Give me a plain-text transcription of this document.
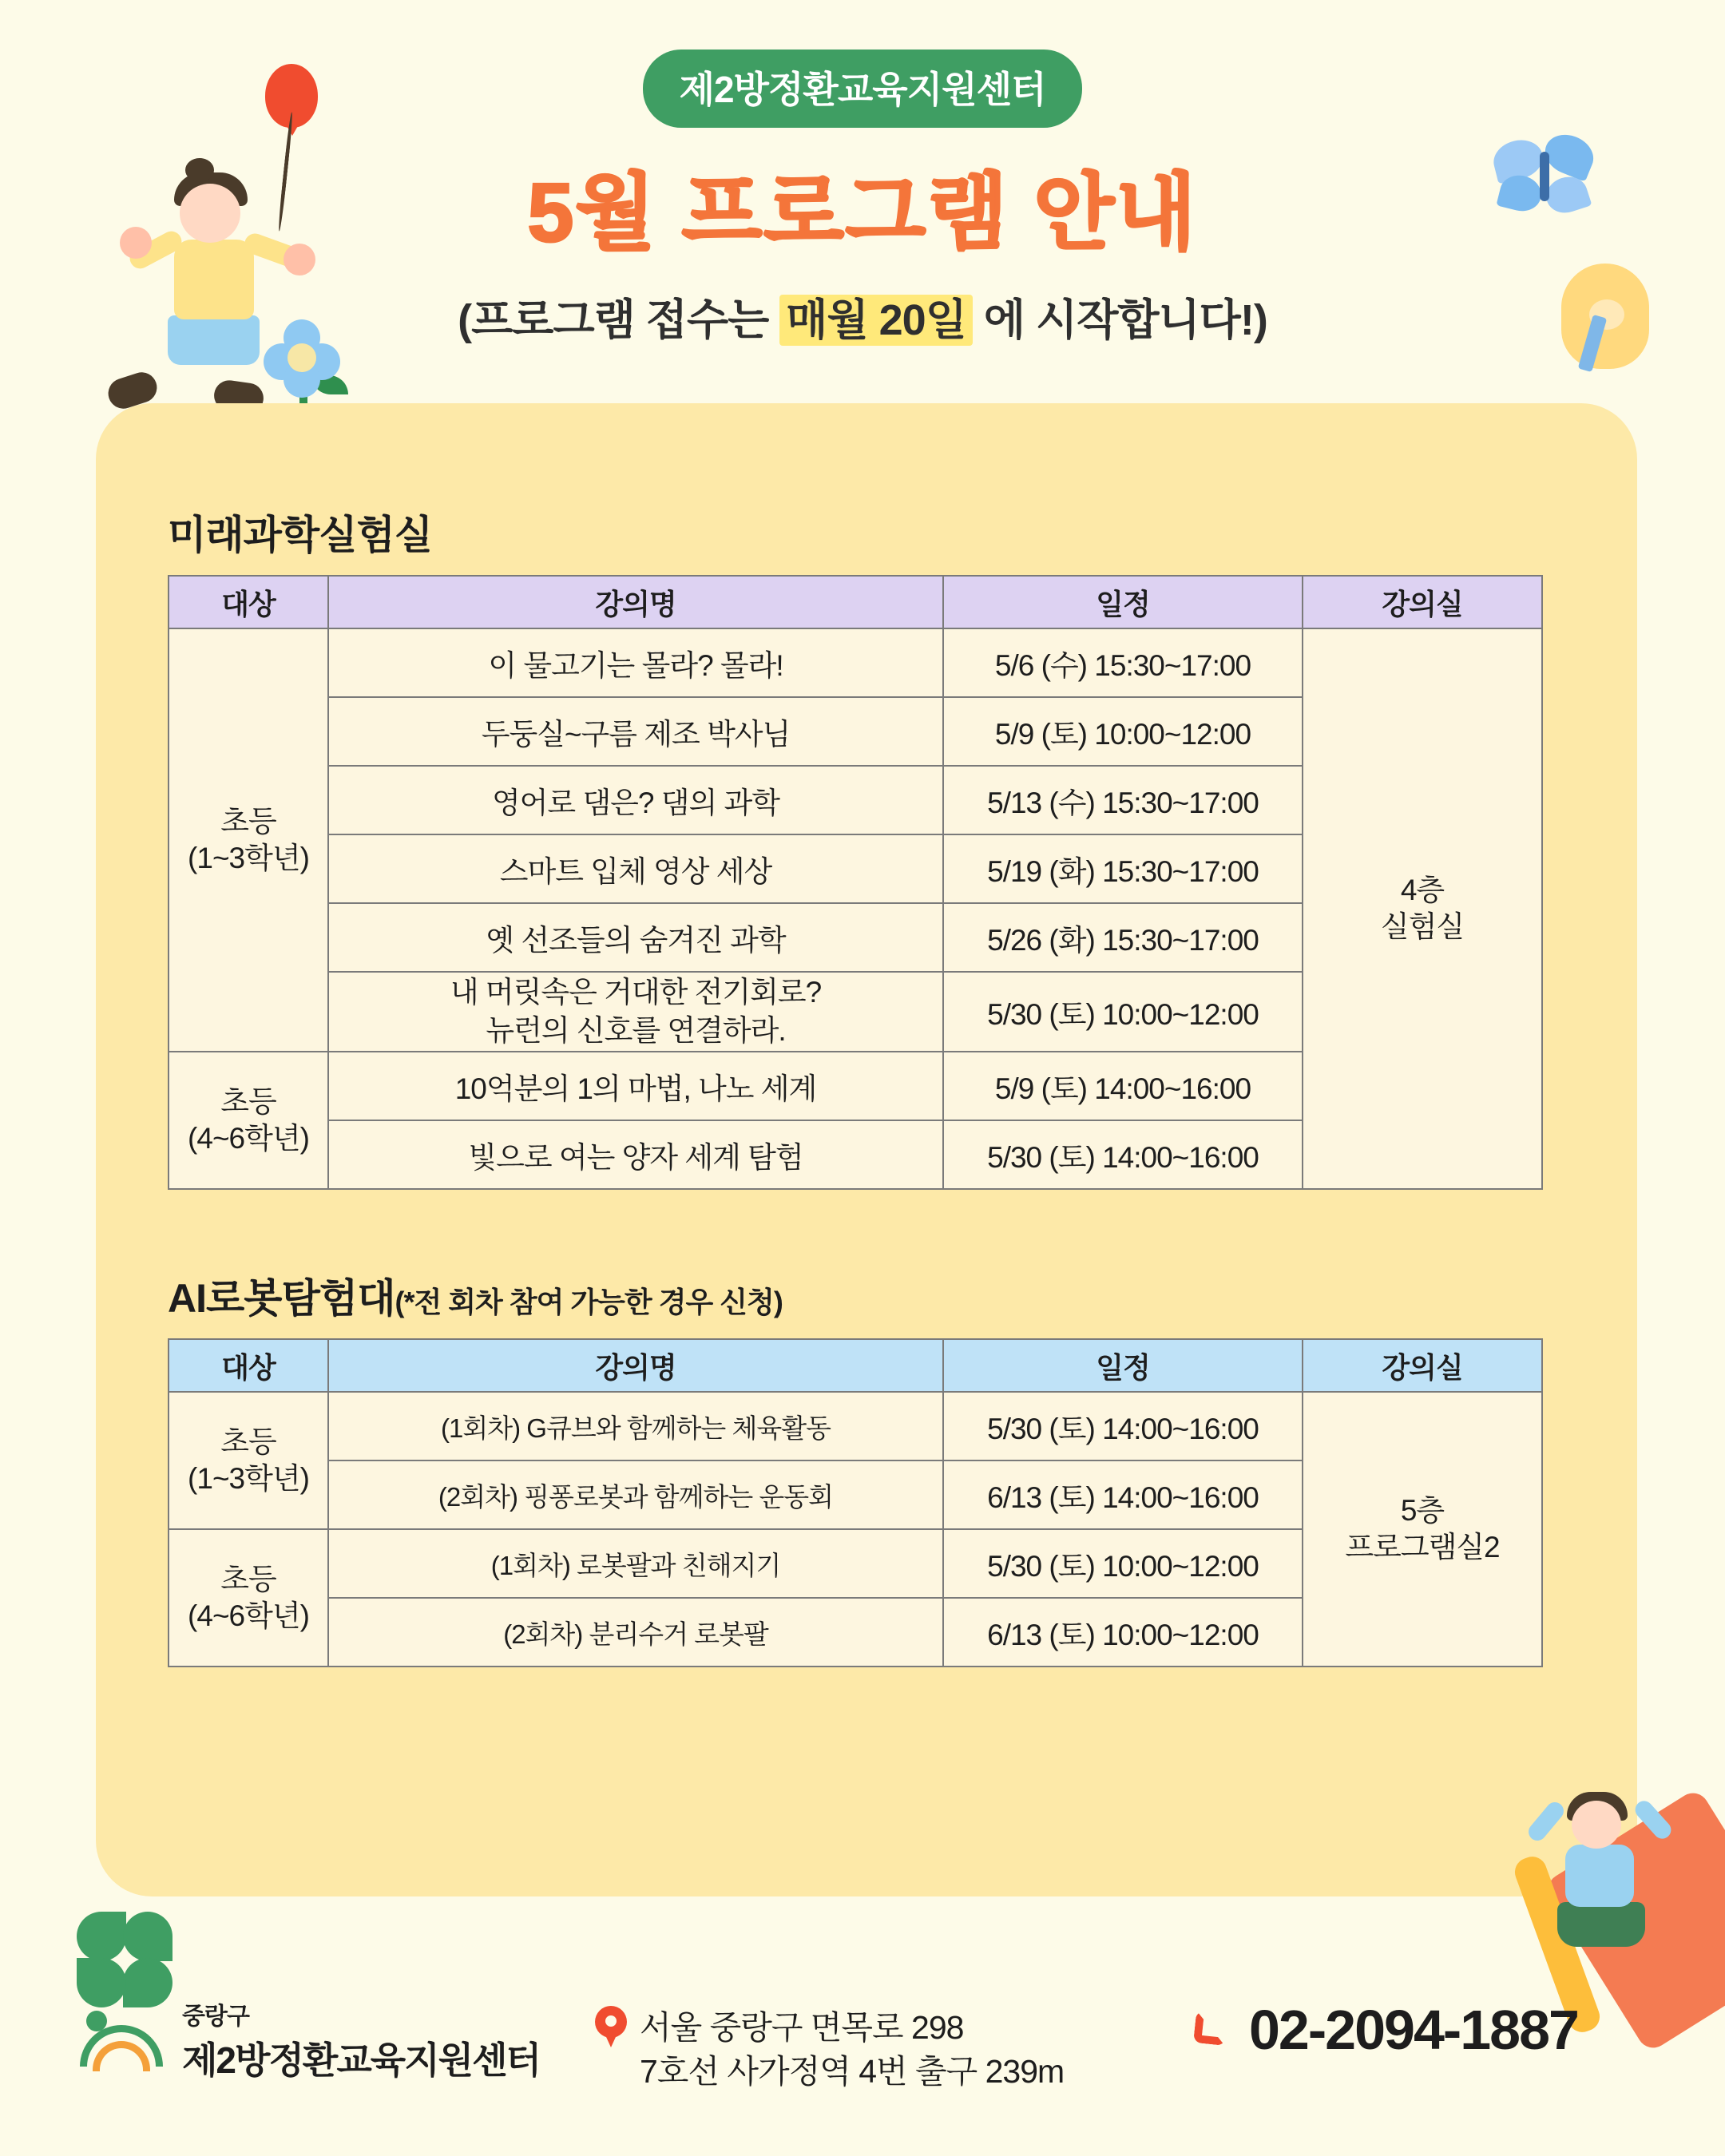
제2방정환교육지원센터
5월 프로그램 안내
(프로그램 접수는 매월 20일 에 시작합니다!)
미래과학실험실
대상	강의명	일정	강의실
초등
(1~3학년)	이 물고기는 몰라? 몰라!	5/6 (수) 15:30~17:00	4층
실험실
	두둥실~구름 제조 박사님	5/9 (토) 10:00~12:00	
	영어로 댐은? 댐의 과학	5/13 (수) 15:30~17:00	
	스마트 입체 영상 세상	5/19 (화) 15:30~17:00	
	옛 선조들의 숨겨진 과학	5/26 (화) 15:30~17:00	
	내 머릿속은 거대한 전기회로?
뉴런의 신호를 연결하라.	5/30 (토) 10:00~12:00	
초등
(4~6학년)	10억분의 1의 마법, 나노 세계	5/9 (토) 14:00~16:00	
	빛으로 여는 양자 세계 탐험	5/30 (토) 14:00~16:00	
AI로봇탐험대(*전 회차 참여 가능한 경우 신청)
대상	강의명	일정	강의실
초등
(1~3학년)	(1회차) G큐브와 함께하는 체육활동	5/30 (토) 14:00~16:00	5층
프로그램실2
	(2회차) 핑퐁로봇과 함께하는 운동회	6/13 (토) 14:00~16:00	
초등
(4~6학년)	(1회차) 로봇팔과 친해지기	5/30 (토) 10:00~12:00	
	(2회차) 분리수거 로봇팔	6/13 (토) 10:00~12:00	
중랑구
제2방정환교육지원센터
서울 중랑구 면목로 298
7호선 사가정역 4번 출구 239m
02-2094-1887
